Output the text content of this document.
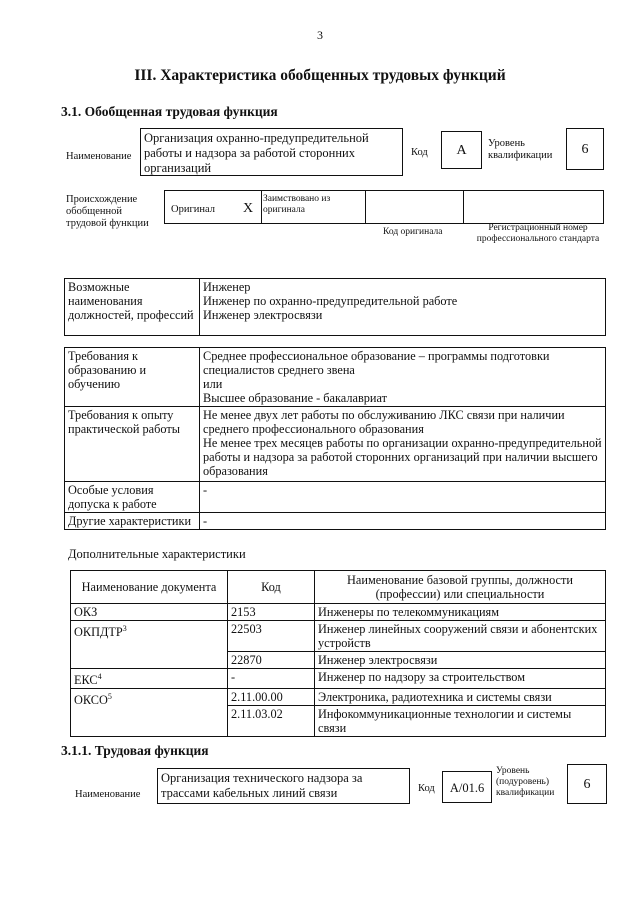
3
III. Характеристика обобщенных трудовых функций
3.1. Обобщенная трудовая функция
Наименование
Организация охранно-предупредительной работы и надзора за работой сторонних организаций
Код	A	Уровень квалификации	6
Происхождение обобщенной трудовой функции
Оригинал X
Заимствовано из оригинала
Код оригинала	Регистрационный номер профессионального стандарта
Возможные наименования должностей, профессий	
Инженер
Инженер по охранно-предупредительной работе
Инженер электросвязи
Требования к образованию и обучению	Среднее профессиональное образование – программы подготовки специалистов среднего звена
или
Высшее образование - бакалавриат

Требования к опыту практической работы	Не менее двух лет работы по обслуживанию ЛКС связи при наличии среднего профессионального образования
Не менее трех месяцев работы по организации охранно-предупредительной работы и надзора за работой сторонних организаций при наличии высшего образования

Особые условия допуска к работе	-
Другие характеристики	-
Дополнительные характеристики
Наименование документа	Код	Наименование базовой группы, должности (профессии) или специальности
ОКЗ	2153	Инженеры по телекоммуникациям
ОКПДТР$^3$	22503	Инженер линейных сооружений связи и абонентских устройств
	22870	Инженер электросвязи
ЕКС$^4$	-	Инженер по надзору за строительством
ОКСО$^5$	2.11.00.00	Электроника, радиотехника и системы связи
	2.11.03.02	Инфокоммуникационные технологии и системы связи
3.1.1. Трудовая функция
Наименование
Организация технического надзора за трассами кабельных линий связи	Код	A/01.6
Уровень (подуровень) квалификации
6
